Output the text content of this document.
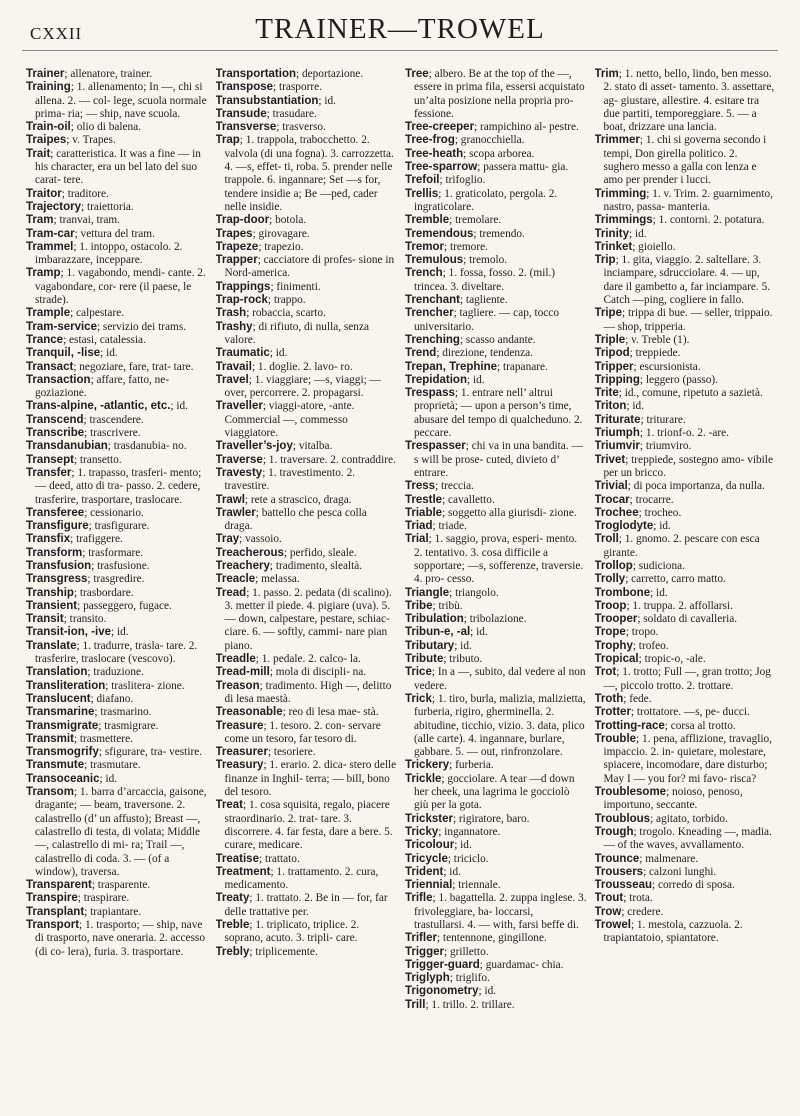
CXXII	TRAINER—TROWEL

Trainer; allenatore, trainer.

Training; 1. allenamento; In —, chi si allena. 2. — col- lege, scuola normale prima- ria; — ship, nave scuola.

Train-oil; olio di balena.

Traipes; v. Trapes.

Trait; caratteristica. It was a fine — in his character, era un bel lato del suo carat- tere.

Traitor; traditore.

Trajectory; traiettoria.

Tram; tranvai, tram.

Tram-car; vettura del tram.

Trammel; 1. intoppo, ostacolo. 2. imbarazzare, inceppare.

Tramp; 1. vagabondo, mendi- cante. 2. vagabondare, cor- rere (il paese, le strade).

Trample; calpestare.

Tram-service; servizio dei trams.

Trance; estasi, catalessia.

Tranquil, -lise; id.

Transact; negoziare, fare, trat- tare.

Transaction; affare, fatto, ne- goziazione.

Trans-alpine, -atlantic, etc.; id.

Transcend; trascendere.

Transcribe; trascrivere.

Transdanubian; trasdanubia- no.

Transept; transetto.

Transfer; 1. trapasso, trasferi- mento; — deed, atto di tra- passo. 2. cedere, trasferire, trasportare, traslocare.

Transferee; cessionario.

Transfigure; trasfigurare.

Transfix; trafiggere.

Transform; trasformare.

Transfusion; trasfusione.

Transgress; trasgredire.

Tranship; trasbordare.

Transient; passeggero, fugace.

Transit; transito.

Transit-ion, -ive; id.

Translate; 1. tradurre, trasla- tare. 2. trasferire, traslocare (vescovo).

Translation; traduzione.

Transliteration; traslitera- zione.

Translucent; diafano.

Transmarine; trasmarino.

Transmigrate; trasmigrare.

Transmit; trasmettere.

Transmogrify; sfigurare, tra- vestire.

Transmute; trasmutare.

Transoceanic; id.

Transom; 1. barra d’arcaccia, gaisone, dragante; — beam, traversone. 2. calastrello (d’ un affusto); Breast —, calastrello di testa, di volata; Middle —, calastrello di mi- ra; Trail —, calastrello di coda. 3. — (of a window), traversa.

Transparent; trasparente.

Transpire; traspirare.

Transplant; trapiantare.

Transport; 1. trasporto; — ship, nave di trasporto, nave oneraria. 2. accesso (di co- lera), furia. 3. trasportare.

Transportation; deportazione.

Transpose; trasporre.

Transubstantiation; id.

Transude; trasudare.

Transverse; trasverso.

Trap; 1. trappola, trabocchetto. 2. valvola (di una fogna). 3. carrozzetta. 4. —s, effet- ti, roba. 5. prender nelle trappole. 6. ingannare; Set —s for, tendere insidie a; Be —ped, cader nelle insidie.

Trap-door; botola.

Trapes; girovagare.

Trapeze; trapezio.

Trapper; cacciatore di profes- sione in Nord-america.

Trappings; finimenti.

Trap-rock; trappo.

Trash; robaccia, scarto.

Trashy; di rifiuto, di nulla, senza valore.

Traumatic; id.

Travail; 1. doglie. 2. lavo- ro.

Travel; 1. viaggiare; —s, viaggi; — over, percorrere. 2. propagarsi.

Traveller; viaggi-atore, -ante. Commercial —, commesso viaggiatore.

Traveller’s-joy; vitalba.

Traverse; 1. traversare. 2. contraddire.

Travesty; 1. travestimento. 2. travestire.

Trawl; rete a strascico, draga.

Trawler; battello che pesca colla draga.

Tray; vassoio.

Treacherous; perfido, sleale.

Treachery; tradimento, slealtà.

Treacle; melassa.

Tread; 1. passo. 2. pedata (di scalino). 3. metter il piede. 4. pigiare (uva). 5. — down, calpestare, pestare, schiac- ciare. 6. — softly, cammi- nare pian piano.

Treadle; 1. pedale. 2. calco- la.

Tread-mill; mola di discipli- na.

Treason; tradimento. High —, delitto di lesa maestà.

Treasonable; reo di lesa mae- stà.

Treasure; 1. tesoro. 2. con- servare come un tesoro, far tesoro di.

Treasurer; tesoriere.

Treasury; 1. erario. 2. dica- stero delle finanze in Inghil- terra; — bill, bono del tesoro.

Treat; 1. cosa squisita, regalo, piacere straordinario. 2. trat- tare. 3. discorrere. 4. far festa, dare a bere. 5. curare, medicare.

Treatise; trattato.

Treatment; 1. trattamento. 2. cura, medicamento.

Treaty; 1. trattato. 2. Be in — for, far delle trattative per.

Treble; 1. triplicato, triplice. 2. soprano, acuto. 3. tripli- care.

Trebly; triplicemente.

Tree; albero. Be at the top of the —, essere in prima fila, essersi acquistato un’alta posizione nella propria pro- fessione.

Tree-creeper; rampichino al- pestre.

Tree-frog; granocchiella.

Tree-heath; scopa arborea.

Tree-sparrow; passera mattu- gia.

Trefoil; trifoglio.

Trellis; 1. graticolato, pergola. 2. ingraticolare.

Tremble; tremolare.

Tremendous; tremendo.

Tremor; tremore.

Tremulous; tremolo.

Trench; 1. fossa, fosso. 2. (mil.) trincea. 3. diveltare.

Trenchant; tagliente.

Trencher; tagliere. — cap, tocco universitario.

Trenching; scasso andante.

Trend; direzione, tendenza.

Trepan, Trephine; trapanare.

Trepidation; id.

Trespass; 1. entrare nell’ altrui proprietà; — upon a person’s time, abusare del tempo di qualcheduno. 2. peccare.

Trespasser; chi va in una bandita. —s will be prose- cuted, divieto d’ entrare.

Tress; treccia.

Trestle; cavalletto.

Triable; soggetto alla giurisdi- zione.

Triad; triade.

Trial; 1. saggio, prova, esperi- mento. 2. tentativo. 3. cosa difficile a sopportare; —s, sofferenze, traversie. 4. pro- cesso.

Triangle; triangolo.

Tribe; tribù.

Tribulation; tribolazione.

Tribun-e, -al; id.

Tributary; id.

Tribute; tributo.

Trice; In a —, subito, dal vedere al non vedere.

Trick; 1. tiro, burla, malizia, malizietta, furberia, rigiro, gherminella. 2. abitudine, ticchio, vizio. 3. data, plico (alle carte). 4. ingannare, burlare, gabbare. 5. — out, rinfronzolare.

Trickery; furberia.

Trickle; gocciolare. A tear —d down her cheek, una lagrima le gocciolò giù per la gota.

Trickster; rigiratore, baro.

Tricky; ingannatore.

Tricolour; id.

Tricycle; triciclo.

Trident; id.

Triennial; triennale.

Trifle; 1. bagattella. 2. zuppa inglese. 3. frivoleggiare, ba- loccarsi, trastullarsi. 4. — with, farsi beffe di.

Trifler; tentennone, gingillone.

Trigger; grilletto.

Trigger-guard; guardamac- chia.

Triglyph; triglifo.

Trigonometry; id.

Trill; 1. trillo. 2. trillare.

Trim; 1. netto, bello, lindo, ben messo. 2. stato di asset- tamento. 3. assettare, ag- giustare, allestire. 4. esitare tra due partiti, temporeggiare. 5. — a boat, drizzare una lancia.

Trimmer; 1. chi si governa secondo i tempi, Don girella politico. 2. sughero messo a galla con lenza e amo per prender i lucci.

Trimming; 1. v. Trim. 2. guarnimento, nastro, passa- manteria.

Trimmings; 1. contorni. 2. potatura.

Trinity; id.

Trinket; gioiello.

Trip; 1. gita, viaggio. 2. saltellare. 3. inciampare, sdrucciolare. 4. — up, dare il gambetto a, far inciampare. 5. Catch —ping, cogliere in fallo.

Tripe; trippa di bue. — seller, trippaio. — shop, tripperia.

Triple; v. Treble (1).

Tripod; treppiede.

Tripper; escursionista.

Tripping; leggero (passo).

Trite; id., comune, ripetuto a sazietà.

Triton; id.

Triturate; triturare.

Triumph; 1. trionf-o. 2. -are.

Triumvir; triumviro.

Trivet; treppiede, sostegno amo- vibile per un bricco.

Trivial; di poca importanza, da nulla.

Trocar; trocarre.

Trochee; trocheo.

Troglodyte; id.

Troll; 1. gnomo. 2. pescare con esca girante.

Trollop; sudiciona.

Trolly; carretto, carro matto.

Trombone; id.

Troop; 1. truppa. 2. affollarsi.

Trooper; soldato di cavalleria.

Trope; tropo.

Trophy; trofeo.

Tropical; tropic-o, -ale.

Trot; 1. trotto; Full —, gran trotto; Jog —, piccolo trotto. 2. trottare.

Troth; fede.

Trotter; trottatore. —s, pe- ducci.

Trotting-race; corsa al trotto.

Trouble; 1. pena, afflizione, travaglio, impaccio. 2. in- quietare, molestare, spiacere, incomodare, dare disturbo; May I — you for? mi favo- risca?

Troublesome; noioso, penoso, importuno, seccante.

Troublous; agitato, torbido.

Trough; trogolo. Kneading —, madia. — of the waves, avvallamento.

Trounce; malmenare.

Trousers; calzoni lunghi.

Trousseau; corredo di sposa.

Trout; trota.

Trow; credere.

Trowel; 1. mestola, cazzuola. 2. trapiantatoio, spiantatore.
